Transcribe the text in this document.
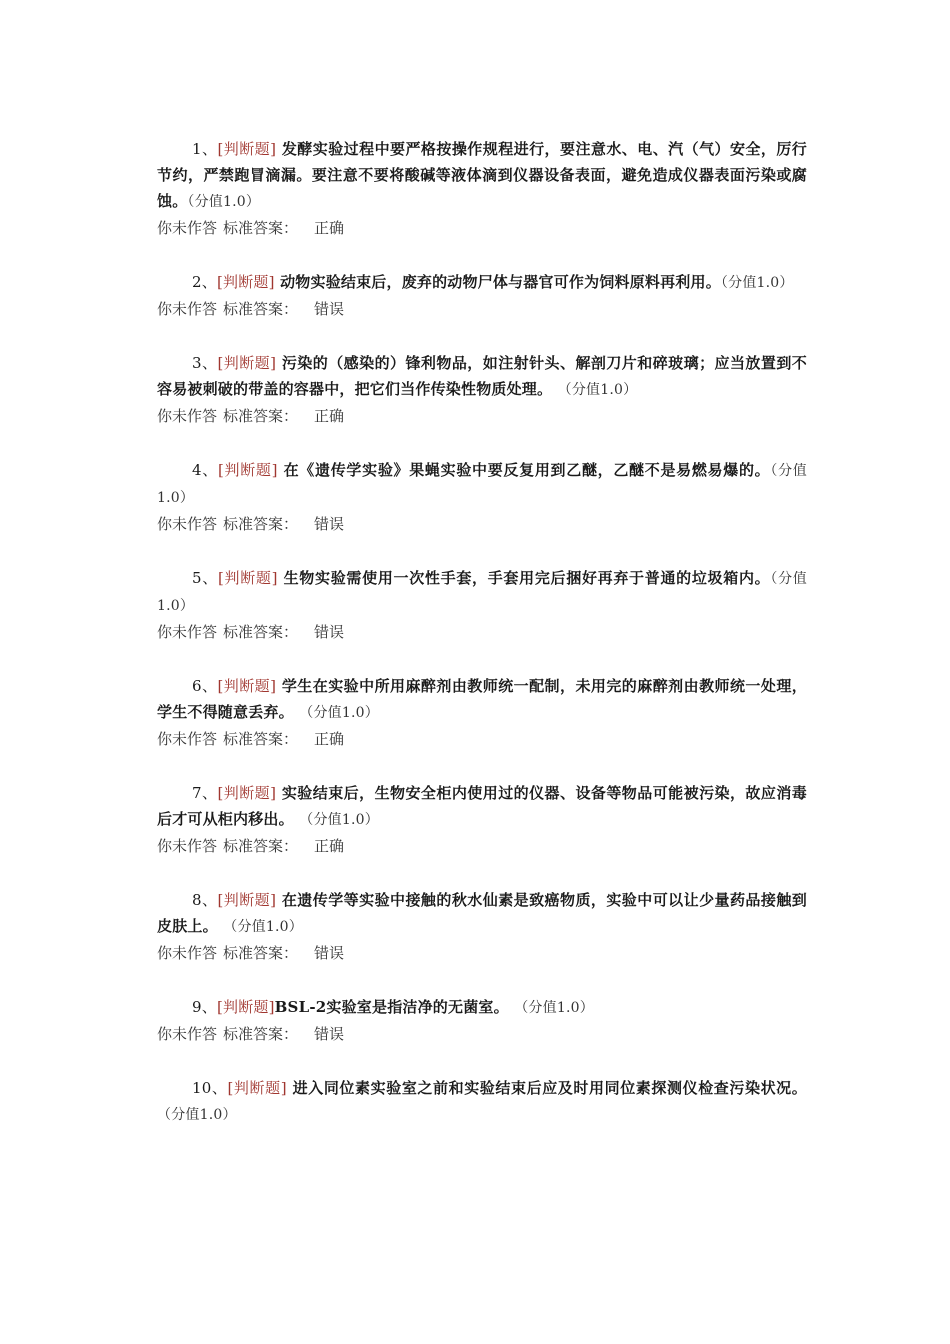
1、[判断题] 发酵实验过程中要严格按操作规程进行，要注意水、电、汽（气）安全，厉行节约，严禁跑冒滴漏。要注意不要将酸碱等液体滴到仪器设备表面，避免造成仪器表面污染或腐蚀。（分值1.0）
你未作答 标准答案： 正确
2、[判断题] 动物实验结束后，废弃的动物尸体与器官可作为饲料原料再利用。（分值1.0）
你未作答 标准答案： 错误
3、[判断题] 污染的（感染的）锋利物品，如注射针头、解剖刀片和碎玻璃；应当放置到不容易被刺破的带盖的容器中，把它们当作传染性物质处理。 （分值1.0）
你未作答 标准答案： 正确
4、[判断题] 在《遗传学实验》果蝇实验中要反复用到乙醚，乙醚不是易燃易爆的。（分值1.0）
你未作答 标准答案： 错误
5、[判断题] 生物实验需使用一次性手套，手套用完后捆好再弃于普通的垃圾箱内。（分值1.0）
你未作答 标准答案： 错误
6、[判断题] 学生在实验中所用麻醉剂由教师统一配制，未用完的麻醉剂由教师统一处理，学生不得随意丢弃。 （分值1.0）
你未作答 标准答案： 正确
7、[判断题] 实验结束后，生物安全柜内使用过的仪器、设备等物品可能被污染，故应消毒后才可从柜内移出。 （分值1.0）
你未作答 标准答案： 正确
8、[判断题] 在遗传学等实验中接触的秋水仙素是致癌物质，实验中可以让少量药品接触到皮肤上。 （分值1.0）
你未作答 标准答案： 错误
9、[判断题]BSL-2实验室是指洁净的无菌室。 （分值1.0）
你未作答 标准答案： 错误
10、[判断题] 进入同位素实验室之前和实验结束后应及时用同位素探测仪检查污染状况。 （分值1.0）
